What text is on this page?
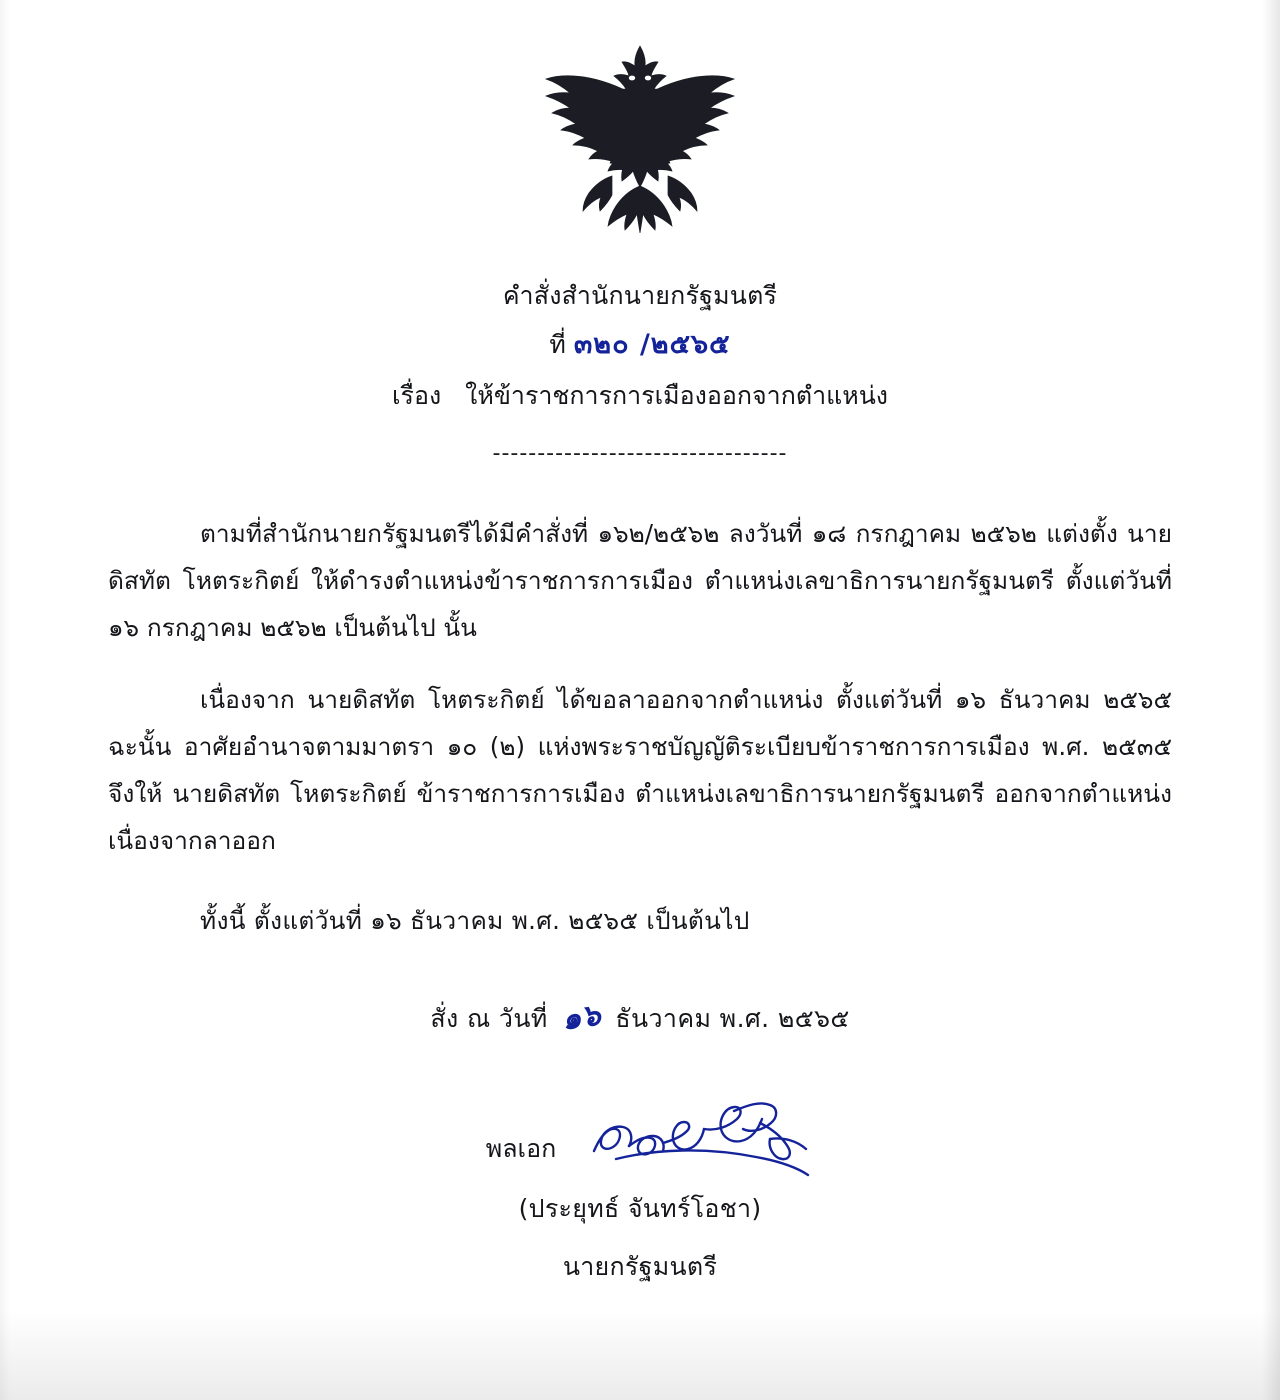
คำสั่งสำนักนายกรัฐมนตรี
ที่ ๓๒๐ /๒๕๖๕
เรื่อง ให้ข้าราชการการเมืองออกจากตำแหน่ง
---------------------------------

ตามที่สำนักนายกรัฐมนตรีได้มีคำสั่งที่ ๑๖๒/๒๕๖๒ ลงวันที่ ๑๘ กรกฎาคม ๒๕๖๒ แต่งตั้ง นายดิสทัต โหตระกิตย์ ให้ดำรงตำแหน่งข้าราชการการเมือง ตำแหน่งเลขาธิการนายกรัฐมนตรี ตั้งแต่วันที่ ๑๖ กรกฎาคม ๒๕๖๒ เป็นต้นไป นั้น

เนื่องจาก นายดิสทัต โหตระกิตย์ ได้ขอลาออกจากตำแหน่ง ตั้งแต่วันที่ ๑๖ ธันวาคม ๒๕๖๕ ฉะนั้น อาศัยอำนาจตามมาตรา ๑๐ (๒) แห่งพระราชบัญญัติระเบียบข้าราชการการเมือง พ.ศ. ๒๕๓๕ จึงให้ นายดิสทัต โหตระกิตย์ ข้าราชการการเมือง ตำแหน่งเลขาธิการนายกรัฐมนตรี ออกจากตำแหน่งเนื่องจากลาออก

ทั้งนี้ ตั้งแต่วันที่ ๑๖ ธันวาคม พ.ศ. ๒๕๖๕ เป็นต้นไป

สั่ง ณ วันที่ ๑๖ ธันวาคม พ.ศ. ๒๕๖๕
พลเอก
(ประยุทธ์ จันทร์โอชา)
นายกรัฐมนตรี
